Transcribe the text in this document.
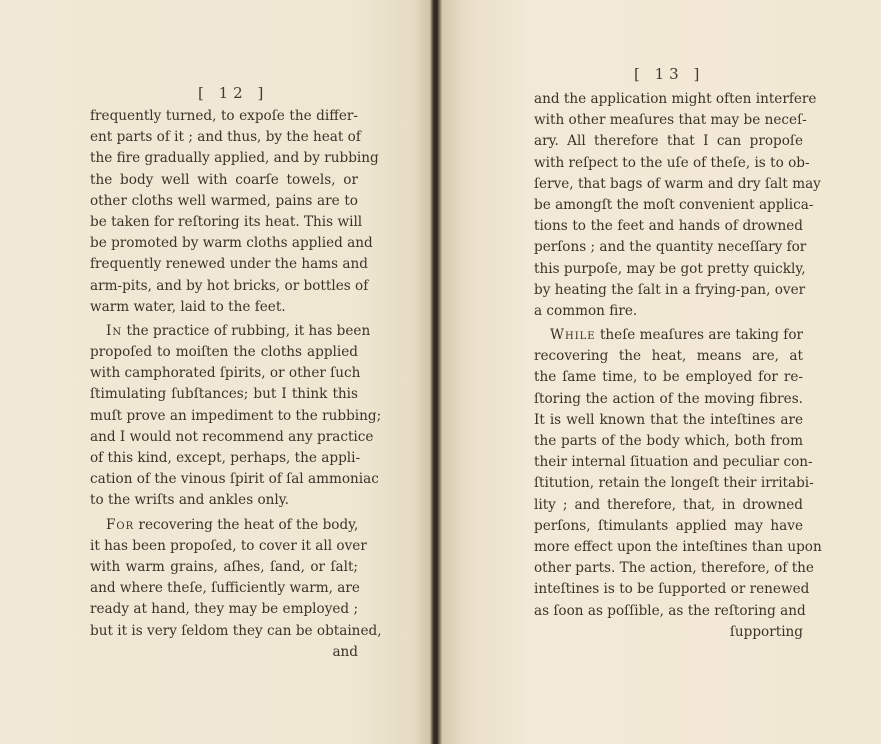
[ 12 ]
frequently turned, to expoſe the differ-
ent parts of it ; and thus, by the heat of
the fire gradually applied, and by rubbing
the body well with coarſe towels, or
other cloths well warmed, pains are to
be taken for reſtoring its heat. This will
be promoted by warm cloths applied and
frequently renewed under the hams and
arm-pits, and by hot bricks, or bottles of
warm water, laid to the feet.
In the practice of rubbing, it has been
propoſed to moiſten the cloths applied
with camphorated ſpirits, or other ſuch
ſtimulating ſubſtances; but I think this
muſt prove an impediment to the rubbing;
and I would not recommend any practice
of this kind, except, perhaps, the appli-
cation of the vinous ſpirit of ſal ammoniac
to the wriſts and ankles only.
For recovering the heat of the body,
it has been propoſed, to cover it all over
with warm grains, aſhes, ſand, or ſalt;
and where theſe, ſufficiently warm, are
ready at hand, they may be employed ;
but it is very ſeldom they can be obtained,
and
[ 13 ]
and the application might often interfere
with other meaſures that may be neceſ-
ary. All therefore that I can propoſe
with reſpect to the uſe of theſe, is to ob-
ſerve, that bags of warm and dry ſalt may
be amongſt the moſt convenient applica-
tions to the feet and hands of drowned
perſons ; and the quantity neceſſary for
this purpoſe, may be got pretty quickly,
by heating the ſalt in a frying-pan, over
a common fire.
While theſe meaſures are taking for
recovering the heat, means are, at
the ſame time, to be employed for re-
ſtoring the action of the moving fibres.
It is well known that the inteſtines are
the parts of the body which, both from
their internal ſituation and peculiar con-
ſtitution, retain the longeſt their irritabi-
lity ; and therefore, that, in drowned
perſons, ſtimulants applied may have
more effect upon the inteſtines than upon
other parts. The action, therefore, of the
inteſtines is to be ſupported or renewed
as ſoon as poſſible, as the reſtoring and
ſupporting
